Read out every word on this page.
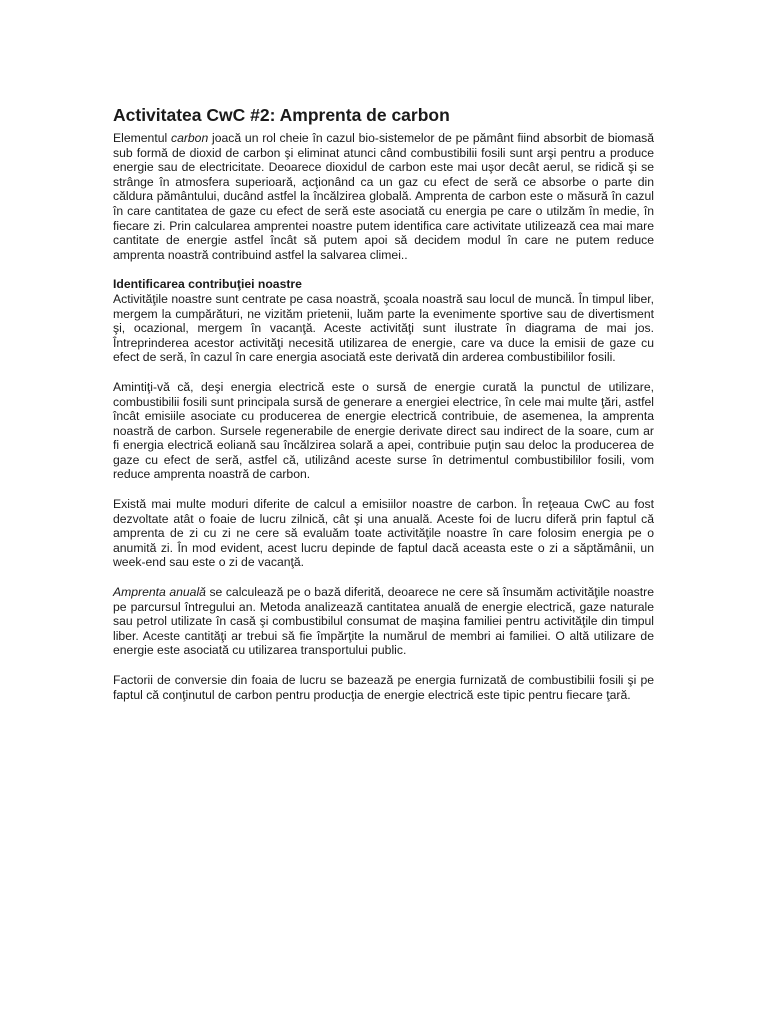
Activitatea CwC #2: Amprenta de carbon

Elementul carbon joacă un rol cheie în cazul bio-sistemelor de pe pământ fiind absorbit de biomasă sub formă de dioxid de carbon şi eliminat atunci când combustibilii fosili sunt arşi pentru a produce energie sau de electricitate. Deoarece dioxidul de carbon este mai uşor decât aerul, se ridică şi se strânge în atmosfera superioară, acţionând ca un gaz cu efect de seră ce absorbe o parte din căldura pământului, ducând astfel la încălzirea globală. Amprenta de carbon este o măsură în cazul în care cantitatea de gaze cu efect de seră este asociată cu energia pe care o utilzăm în medie, în fiecare zi. Prin calcularea amprentei noastre putem identifica care activitate utilizează cea mai mare cantitate de energie astfel încât să putem apoi să decidem modul în care ne putem reduce amprenta noastră contribuind astfel la salvarea climei..

Identificarea contribuţiei noastre

Activităţile noastre sunt centrate pe casa noastră, şcoala noastră sau locul de muncă. În timpul liber, mergem la cumpărături, ne vizităm prietenii, luăm parte la evenimente sportive sau de divertisment şi, ocazional, mergem în vacanţă. Aceste activităţi sunt ilustrate în diagrama de mai jos. Întreprinderea acestor activităţi necesită utilizarea de energie, care va duce la emisii de gaze cu efect de seră, în cazul în care energia asociată este derivată din arderea combustibililor fosili.

Amintiţi-vă că, deşi energia electrică este o sursă de energie curată la punctul de utilizare, combustibilii fosili sunt principala sursă de generare a energiei electrice, în cele mai multe ţări, astfel încât emisiile asociate cu producerea de energie electrică contribuie, de asemenea, la amprenta noastră de carbon. Sursele regenerabile de energie derivate direct sau indirect de la soare, cum ar fi energia electrică eoliană sau încălzirea solară a apei, contribuie puţin sau deloc la producerea de gaze cu efect de seră, astfel că, utilizând aceste surse în detrimentul combustibililor fosili, vom reduce amprenta noastră de carbon.

Există mai multe moduri diferite de calcul a emisiilor noastre de carbon. În reţeaua CwC au fost dezvoltate atât o foaie de lucru zilnică, cât şi una anuală. Aceste foi de lucru diferă prin faptul că amprenta de zi cu zi ne cere să evaluăm toate activităţile noastre în care folosim energia pe o anumită zi. În mod evident, acest lucru depinde de faptul dacă aceasta este o zi a săptămânii, un week-end sau este o zi de vacanţă.

Amprenta anuală se calculează pe o bază diferită, deoarece ne cere să însumăm activităţile noastre pe parcursul întregului an. Metoda analizează cantitatea anuală de energie electrică, gaze naturale sau petrol utilizate în casă şi combustibilul consumat de maşina familiei pentru activităţile din timpul liber. Aceste cantităţi ar trebui să fie împărţite la numărul de membri ai familiei. O altă utilizare de energie este asociată cu utilizarea transportului public.

Factorii de conversie din foaia de lucru se bazează pe energia furnizată de combustibilii fosili şi pe faptul că conţinutul de carbon pentru producţia de energie electrică este tipic pentru fiecare ţară.
